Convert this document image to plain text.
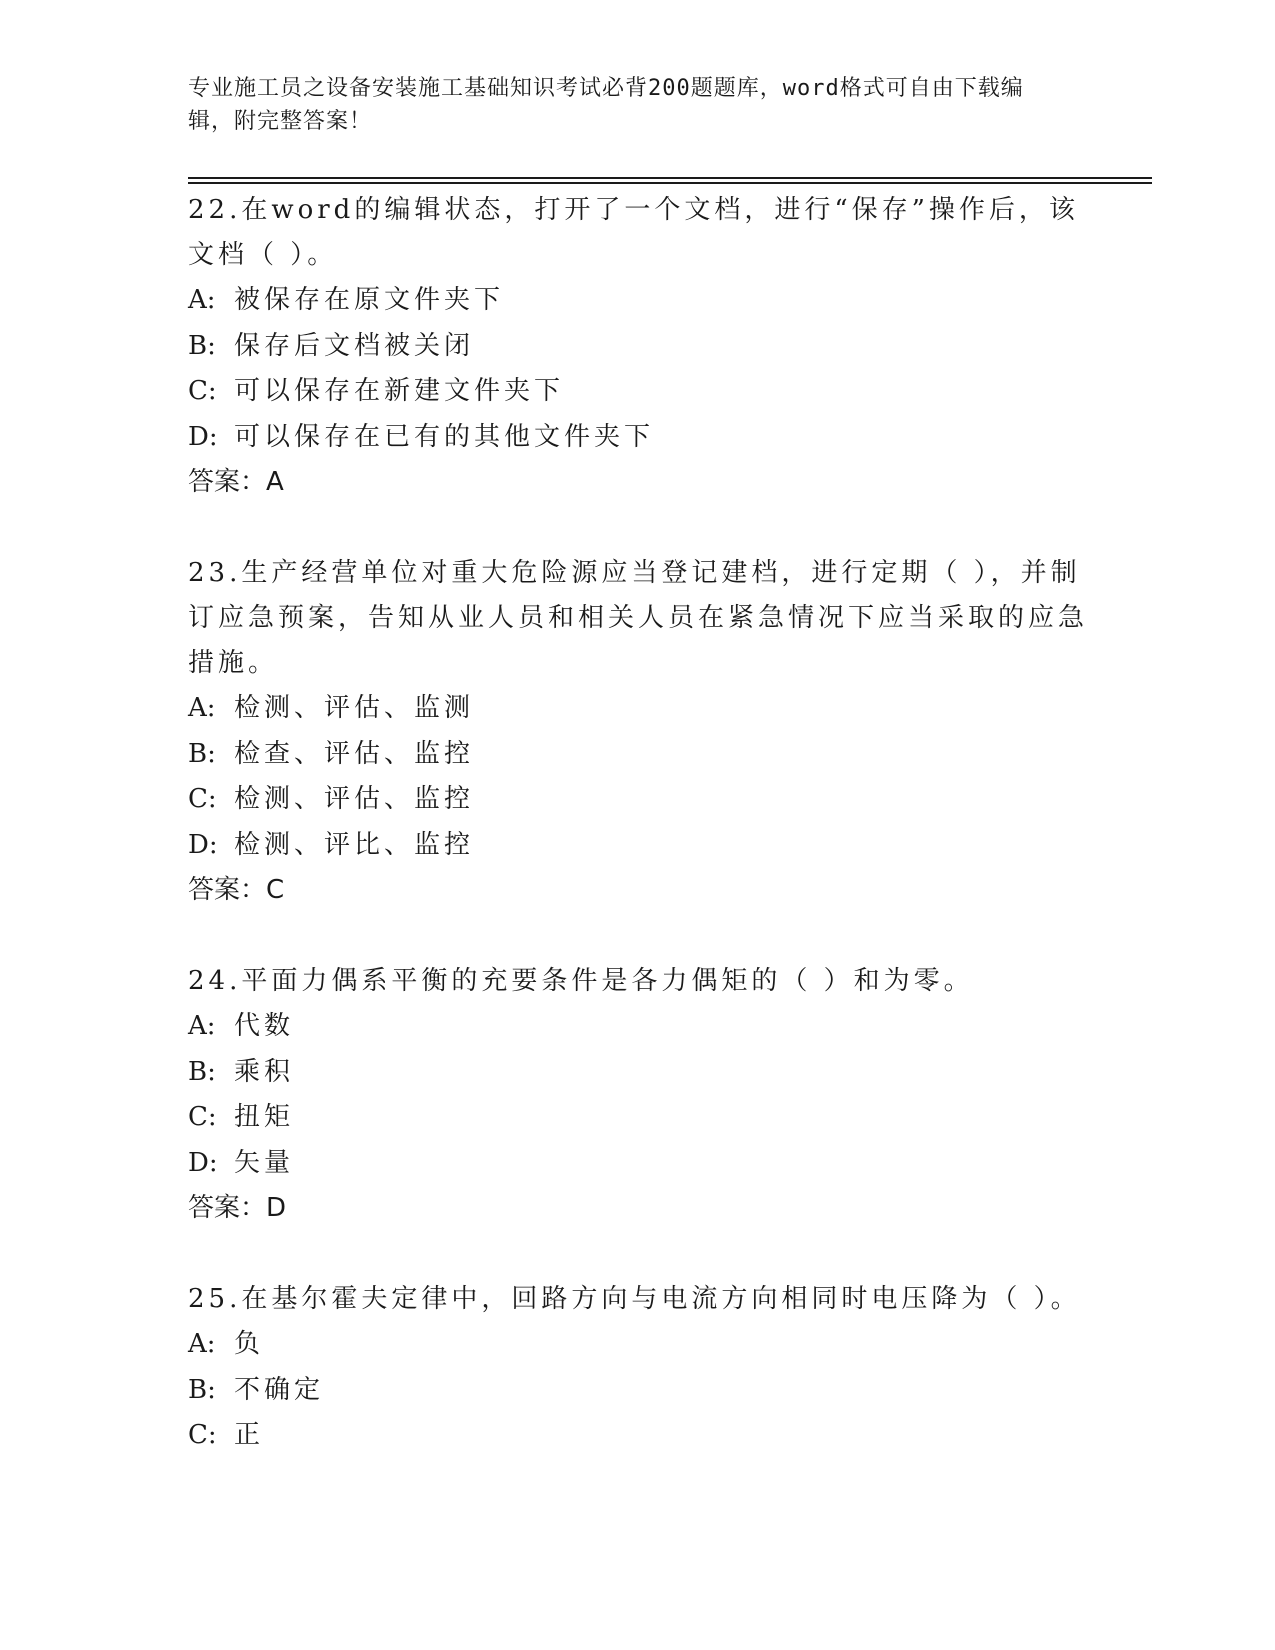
专业施工员之设备安装施工基础知识考试必背200题题库，word格式可自由下载编辑，附完整答案！

22.在word的编辑状态，打开了一个文档，进行“保存”操作后，该文档（ ）。

A: 被保存在原文件夹下

B: 保存后文档被关闭

C: 可以保存在新建文件夹下

D: 可以保存在已有的其他文件夹下

答案：A

23.生产经营单位对重大危险源应当登记建档，进行定期（ ），并制订应急预案，告知从业人员和相关人员在紧急情况下应当采取的应急措施。

A: 检测、评估、监测

B: 检查、评估、监控

C: 检测、评估、监控

D: 检测、评比、监控

答案：C

24.平面力偶系平衡的充要条件是各力偶矩的（ ）和为零。

A: 代数

B: 乘积

C: 扭矩

D: 矢量

答案：D

25.在基尔霍夫定律中，回路方向与电流方向相同时电压降为（ ）。

A: 负

B: 不确定

C: 正
